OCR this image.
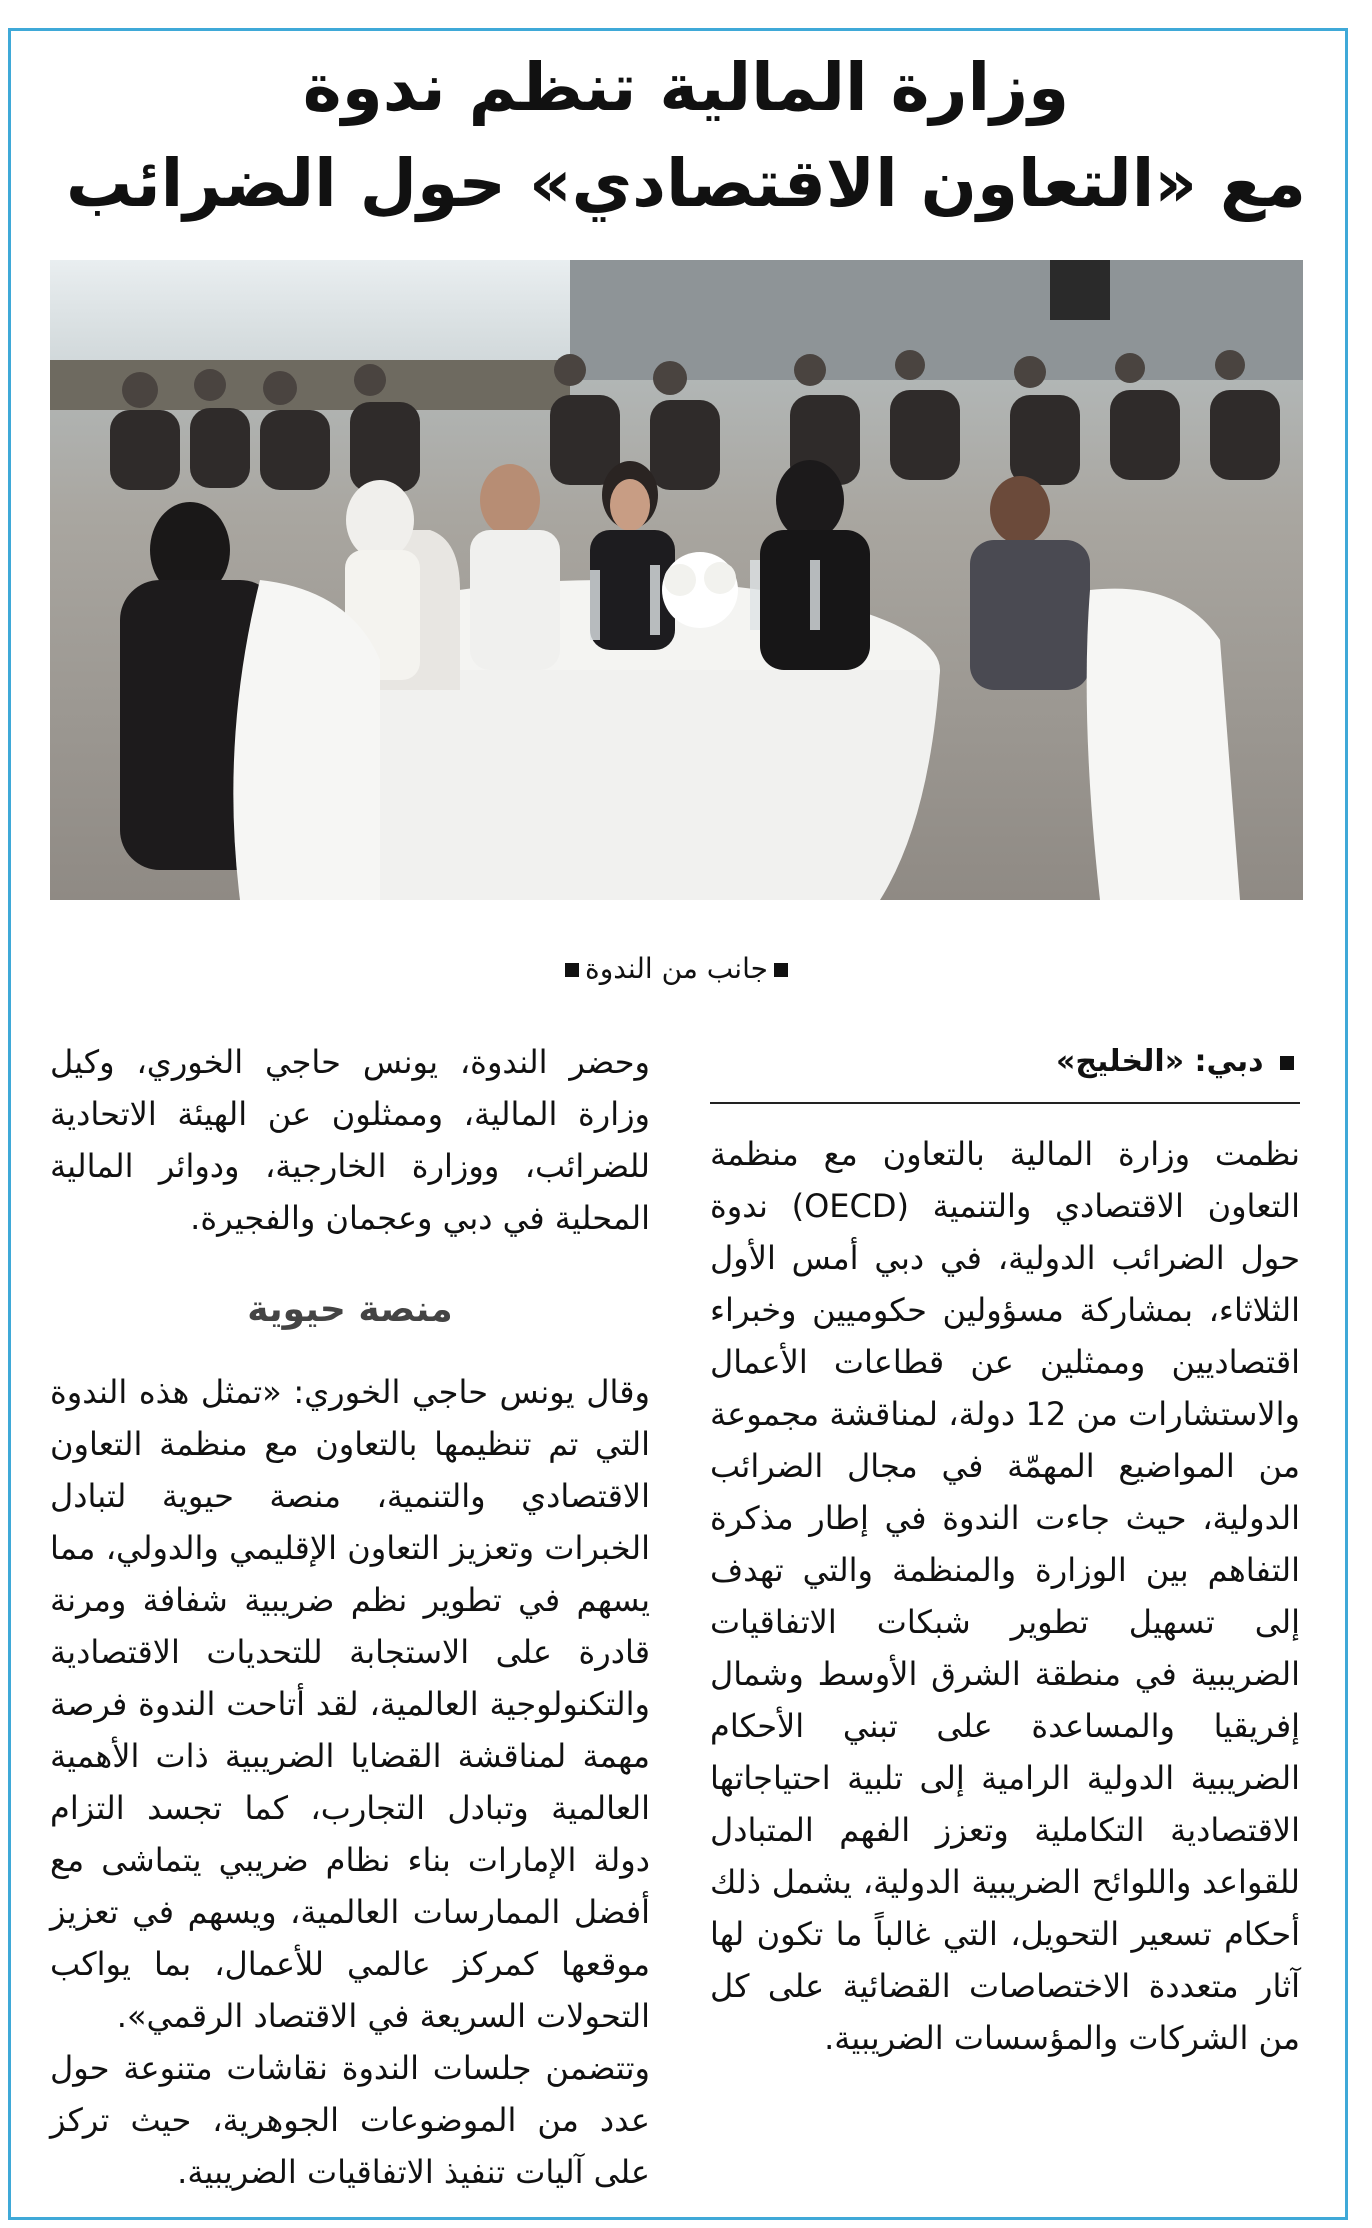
وزارة المالية تنظم ندوة
مع «التعاون الاقتصادي» حول الضرائب
جانب من الندوة
دبي: «الخليج»

نظمت وزارة المالية بالتعاون مع منظمة التعاون الاقتصادي والتنمية (OECD) ندوة حول الضرائب الدولية، في دبي أمس الأول الثلاثاء، بمشاركة مسؤولين حكوميين وخبراء اقتصاديين وممثلين عن قطاعات الأعمال والاستشارات من 12 دولة، لمناقشة مجموعة من المواضيع المهمّة في مجال الضرائب الدولية، حيث جاءت الندوة في إطار مذكرة التفاهم بين الوزارة والمنظمة والتي تهدف إلى تسهيل تطوير شبكات الاتفاقيات الضريبية في منطقة الشرق الأوسط وشمال إفريقيا والمساعدة على تبني الأحكام الضريبية الدولية الرامية إلى تلبية احتياجاتها الاقتصادية التكاملية وتعزز الفهم المتبادل للقواعد واللوائح الضريبية الدولية، يشمل ذلك أحكام تسعير التحويل، التي غالباً ما تكون لها آثار متعددة الاختصاصات القضائية على كل من الشركات والمؤسسات الضريبية.

وحضر الندوة، يونس حاجي الخوري، وكيل وزارة المالية، وممثلون عن الهيئة الاتحادية للضرائب، ووزارة الخارجية، ودوائر المالية المحلية في دبي وعجمان والفجيرة.

منصة حيوية

وقال يونس حاجي الخوري: «تمثل هذه الندوة التي تم تنظيمها بالتعاون مع منظمة التعاون الاقتصادي والتنمية، منصة حيوية لتبادل الخبرات وتعزيز التعاون الإقليمي والدولي، مما يسهم في تطوير نظم ضريبية شفافة ومرنة قادرة على الاستجابة للتحديات الاقتصادية والتكنولوجية العالمية، لقد أتاحت الندوة فرصة مهمة لمناقشة القضايا الضريبية ذات الأهمية العالمية وتبادل التجارب، كما تجسد التزام دولة الإمارات بناء نظام ضريبي يتماشى مع أفضل الممارسات العالمية، ويسهم في تعزيز موقعها كمركز عالمي للأعمال، بما يواكب التحولات السريعة في الاقتصاد الرقمي».

وتتضمن جلسات الندوة نقاشات متنوعة حول عدد من الموضوعات الجوهرية، حيث تركز على آليات تنفيذ الاتفاقيات الضريبية.
